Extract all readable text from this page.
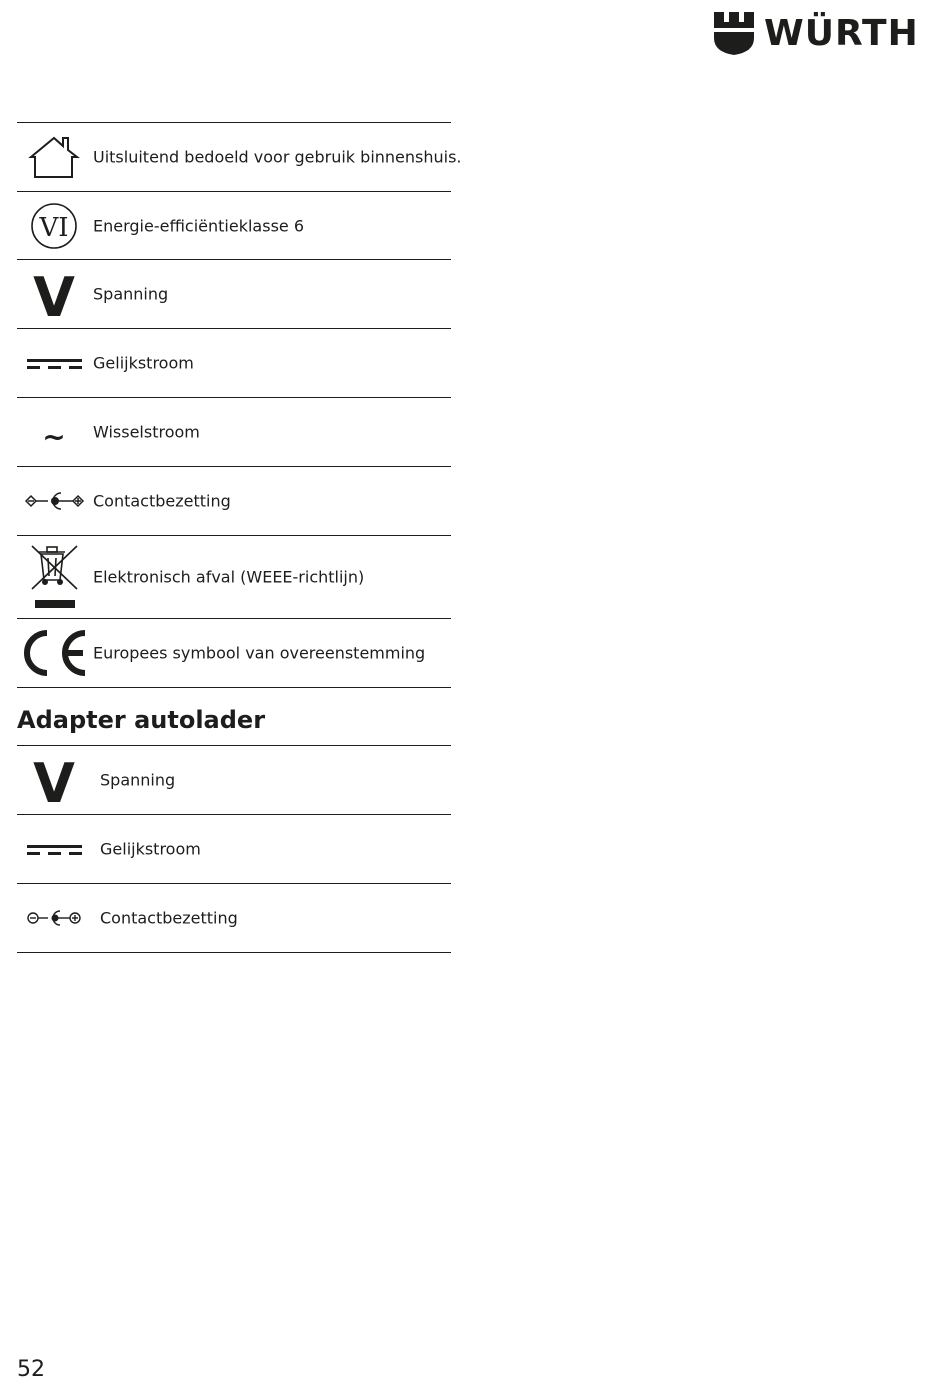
WÜRTH
Uitsluitend bedoeld voor gebruik binnenshuis.
VI Energie-efficiëntieklasse 6
V Spanning
Gelijkstroom
~ Wisselstroom
Contactbezetting
Elektronisch afval (WEEE-richtlijn)
Europees symbool van overeenstemming
Adapter autolader
V Spanning
Gelijkstroom
Contactbezetting
52
